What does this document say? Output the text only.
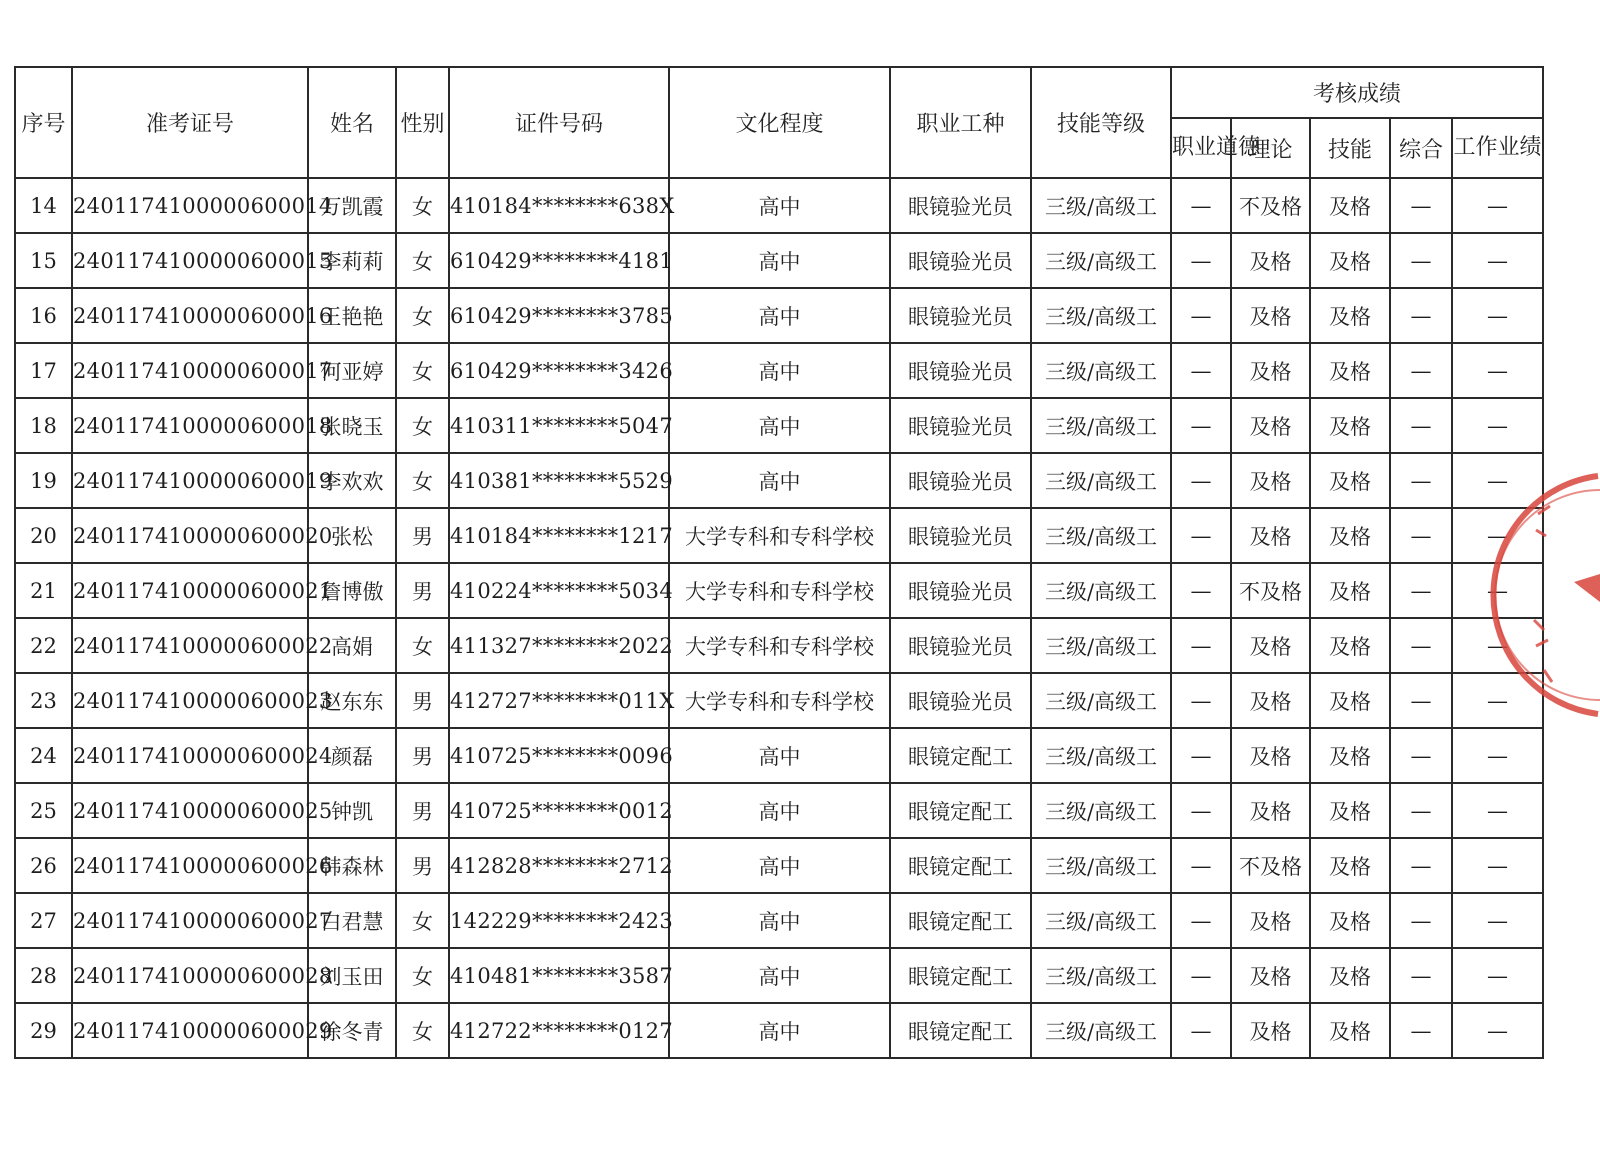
序号	准考证号	姓名	性别	证件号码	文化程度	职业工种	技能等级	考核成绩				
								职业道德	理论	技能	综合	工作业绩
14	2401174100000600014	万凯霞	女	410184********638X	高中	眼镜验光员	三级/高级工	—	不及格	及格	—	—
15	2401174100000600015	李莉莉	女	610429********4181	高中	眼镜验光员	三级/高级工	—	及格	及格	—	—
16	2401174100000600016	王艳艳	女	610429********3785	高中	眼镜验光员	三级/高级工	—	及格	及格	—	—
17	2401174100000600017	何亚婷	女	610429********3426	高中	眼镜验光员	三级/高级工	—	及格	及格	—	—
18	2401174100000600018	张晓玉	女	410311********5047	高中	眼镜验光员	三级/高级工	—	及格	及格	—	—
19	2401174100000600019	李欢欢	女	410381********5529	高中	眼镜验光员	三级/高级工	—	及格	及格	—	—
20	2401174100000600020	张松	男	410184********1217	大学专科和专科学校	眼镜验光员	三级/高级工	—	及格	及格	—	—
21	2401174100000600021	詹博傲	男	410224********5034	大学专科和专科学校	眼镜验光员	三级/高级工	—	不及格	及格	—	—
22	2401174100000600022	高娟	女	411327********2022	大学专科和专科学校	眼镜验光员	三级/高级工	—	及格	及格	—	—
23	2401174100000600023	赵东东	男	412727********011X	大学专科和专科学校	眼镜验光员	三级/高级工	—	及格	及格	—	—
24	2401174100000600024	颜磊	男	410725********0096	高中	眼镜定配工	三级/高级工	—	及格	及格	—	—
25	2401174100000600025	钟凯	男	410725********0012	高中	眼镜定配工	三级/高级工	—	及格	及格	—	—
26	2401174100000600026	韩森林	男	412828********2712	高中	眼镜定配工	三级/高级工	—	不及格	及格	—	—
27	2401174100000600027	白君慧	女	142229********2423	高中	眼镜定配工	三级/高级工	—	及格	及格	—	—
28	2401174100000600028	刘玉田	女	410481********3587	高中	眼镜定配工	三级/高级工	—	及格	及格	—	—
29	2401174100000600029	徐冬青	女	412722********0127	高中	眼镜定配工	三级/高级工	—	及格	及格	—	—
